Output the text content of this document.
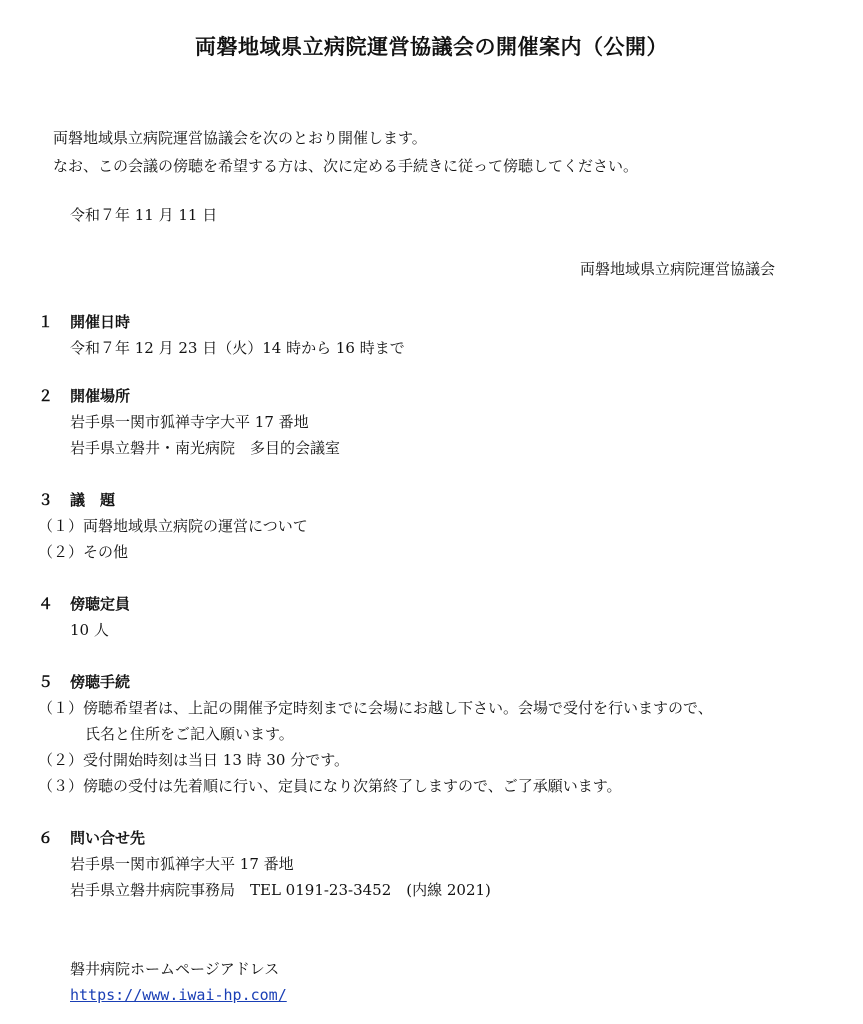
両磐地域県立病院運営協議会の開催案内（公開）
両磐地域県立病院運営協議会を次のとおり開催します。
なお、この会議の傍聴を希望する方は、次に定める手続きに従って傍聴してください。
令和７年 11 月 11 日
両磐地域県立病院運営協議会
１ 開催日時
令和７年 12 月 23 日（火）14 時から 16 時まで
２ 開催場所
岩手県一関市狐禅寺字大平 17 番地
岩手県立磐井・南光病院　多目的会議室
３ 議　題
（１）両磐地域県立病院の運営について
（２）その他
４ 傍聴定員
10 人
５ 傍聴手続
（１）傍聴希望者は、上記の開催予定時刻までに会場にお越し下さい。会場で受付を行いますので、
氏名と住所をご記入願います。
（２）受付開始時刻は当日 13 時 30 分です。
（３）傍聴の受付は先着順に行い、定員になり次第終了しますので、ご了承願います。
６ 問い合せ先
岩手県一関市狐禅字大平 17 番地
岩手県立磐井病院事務局　TEL 0191-23-3452　(内線 2021)
磐井病院ホームページアドレス
https://www.iwai-hp.com/
